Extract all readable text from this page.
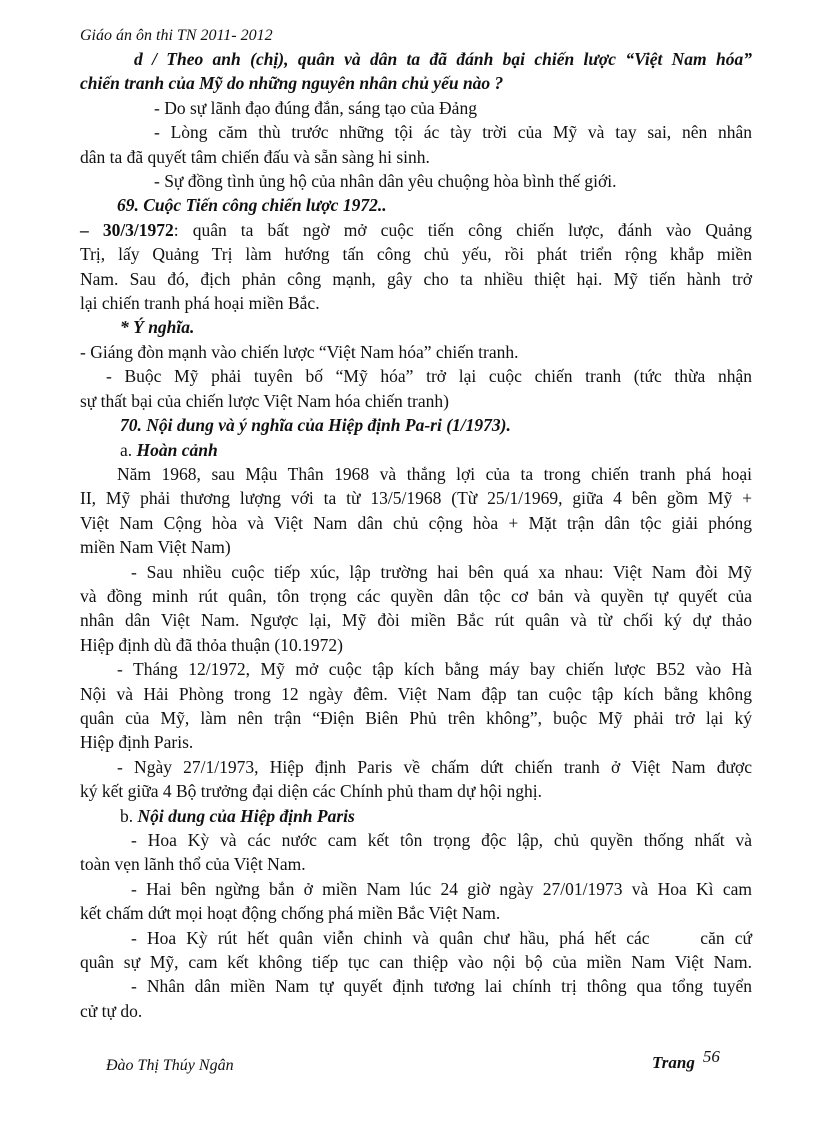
Giáo án ôn thi TN 2011- 2012

d / Theo anh (chị), quân và dân ta đã đánh bại chiến lược “Việt Nam hóa”

chiến tranh của Mỹ do những nguyên nhân chủ yếu nào ?

- Do sự lãnh đạo đúng đắn, sáng tạo của Đảng

- Lòng căm thù trước những tội ác tày trời của Mỹ và tay sai, nên nhân

dân ta đã quyết tâm chiến đấu và sẵn sàng hi sinh.

- Sự đồng tình ủng hộ của nhân dân yêu chuộng hòa bình thế giới.

69. Cuộc Tiến công chiến lược 1972..

– 30/3/1972: quân ta bất ngờ mở cuộc tiến công chiến lược, đánh vào Quảng

Trị, lấy Quảng Trị làm hướng tấn công chủ yếu, rồi phát triển rộng khắp miền

Nam. Sau đó, địch phản công mạnh, gây cho ta nhiều thiệt hại. Mỹ tiến hành trở

lại chiến tranh phá hoại miền Bắc.

* Ý nghĩa.

- Giáng đòn mạnh vào chiến lược “Việt Nam hóa” chiến tranh.

- Buộc Mỹ phải tuyên bố “Mỹ hóa” trở lại cuộc chiến tranh (tức thừa nhận

sự thất bại của chiến lược Việt Nam hóa chiến tranh)

70. Nội dung và ý nghĩa của Hiệp định Pa-ri (1/1973).

a. Hoàn cảnh

Năm 1968, sau Mậu Thân 1968 và thắng lợi của ta trong chiến tranh phá hoại

II, Mỹ phải thương lượng với ta từ 13/5/1968 (Từ 25/1/1969, giữa 4 bên gồm Mỹ +

Việt Nam Cộng hòa và Việt Nam dân chủ cộng hòa + Mặt trận dân tộc giải phóng

miền Nam Việt Nam)

- Sau nhiều cuộc tiếp xúc, lập trường hai bên quá xa nhau: Việt Nam đòi Mỹ

và đồng minh rút quân, tôn trọng các quyền dân tộc cơ bản và quyền tự quyết của

nhân dân Việt Nam. Ngược lại, Mỹ đòi miền Bắc rút quân và từ chối ký dự thảo

Hiệp định dù đã thỏa thuận (10.1972)

- Tháng 12/1972, Mỹ mở cuộc tập kích bằng máy bay chiến lược B52 vào Hà

Nội và Hải Phòng trong 12 ngày đêm. Việt Nam đập tan cuộc tập kích bằng không

quân của Mỹ, làm nên trận “Điện Biên Phủ trên không”, buộc Mỹ phải trở lại ký

Hiệp định Paris.

- Ngày 27/1/1973, Hiệp định Paris về chấm dứt chiến tranh ở Việt Nam được

ký kết giữa 4 Bộ trưởng đại diện các Chính phủ tham dự hội nghị.

b. Nội dung của Hiệp định Paris

- Hoa Kỳ và các nước cam kết tôn trọng độc lập, chủ quyền thống nhất và

toàn vẹn lãnh thổ của Việt Nam.

- Hai bên ngừng bắn ở miền Nam lúc 24 giờ ngày 27/01/1973 và Hoa Kì cam

kết chấm dứt mọi hoạt động chống phá miền Bắc Việt Nam.

- Hoa Kỳ rút hết quân viễn chinh và quân chư hầu, phá hết các     căn cứ

quân sự Mỹ, cam kết không tiếp tục can thiệp vào nội bộ của miền Nam Việt Nam.

- Nhân dân miền Nam tự quyết định tương lai chính trị thông qua tổng tuyển

cử tự do.

Đào Thị Thúy Ngân	Trang 56
